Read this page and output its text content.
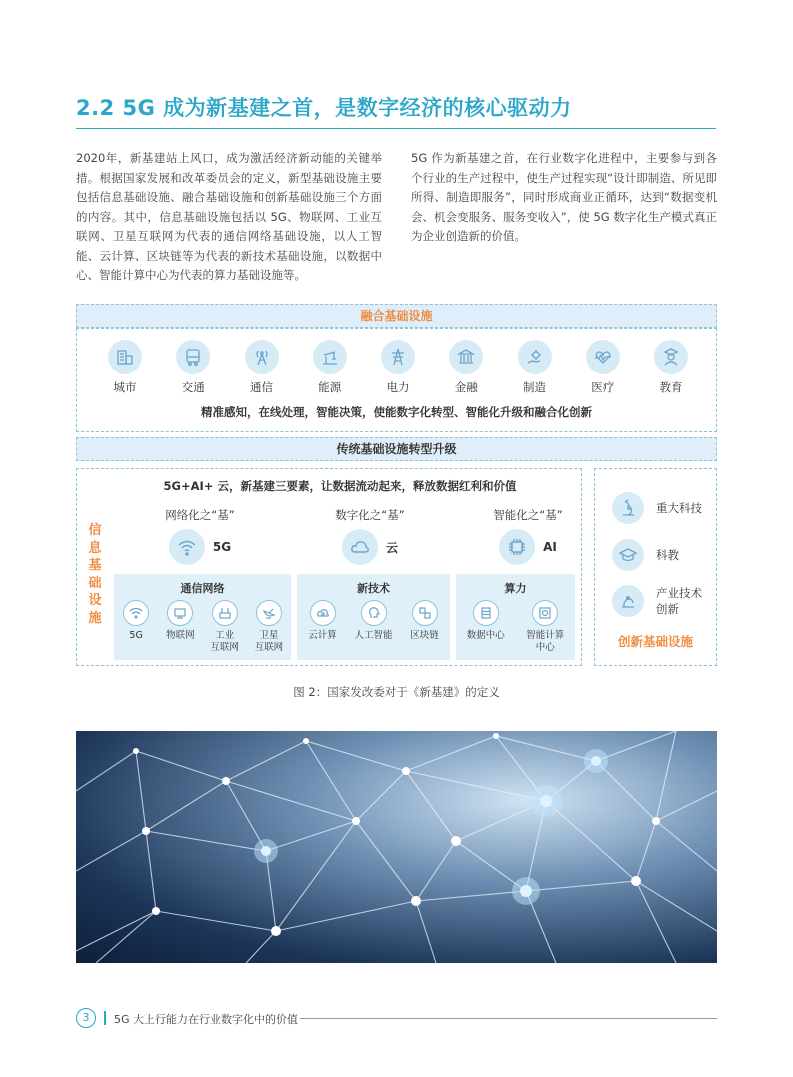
2.2 5G 成为新基建之首，是数字经济的核心驱动力
2020年，新基建站上风口，成为激活经济新动能的关键举措。根据国家发展和改革委员会的定义，新型基础设施主要包括信息基础设施、融合基础设施和创新基础设施三个方面的内容。其中，信息基础设施包括以 5G、物联网、工业互联网、卫星互联网为代表的通信网络基础设施，以人工智能、云计算、区块链等为代表的新技术基础设施，以数据中心、智能计算中心为代表的算力基础设施等。
5G 作为新基建之首，在行业数字化进程中，主要参与到各个行业的生产过程中，使生产过程实现“设计即制造、所见即所得、制造即服务”，同时形成商业正循环，达到“数据变机会、机会变服务、服务变收入”，使 5G 数字化生产模式真正为企业创造新的价值。
融合基础设施
城市	交通	通信	能源	电力	金融	制造	医疗	教育
精准感知，在线处理，智能决策，使能数字化转型、智能化升级和融合化创新
传统基础设施转型升级
信息基础设施
5G+AI+ 云，新基建三要素，让数据流动起来，释放数据红利和价值
网络化之“基”
5G
数字化之“基”
云
智能化之“基”
AI
通信网络
5G 物联网	工业
互联网
卫星
互联网
新技术
云计算 人工智能 区块链
算力
数据中心	智能计算中心
重大科技
科教
产业技术
创新
创新基础设施
图 2：国家发改委对于《新基建》的定义
3	5G 大上行能力在行业数字化中的价值
